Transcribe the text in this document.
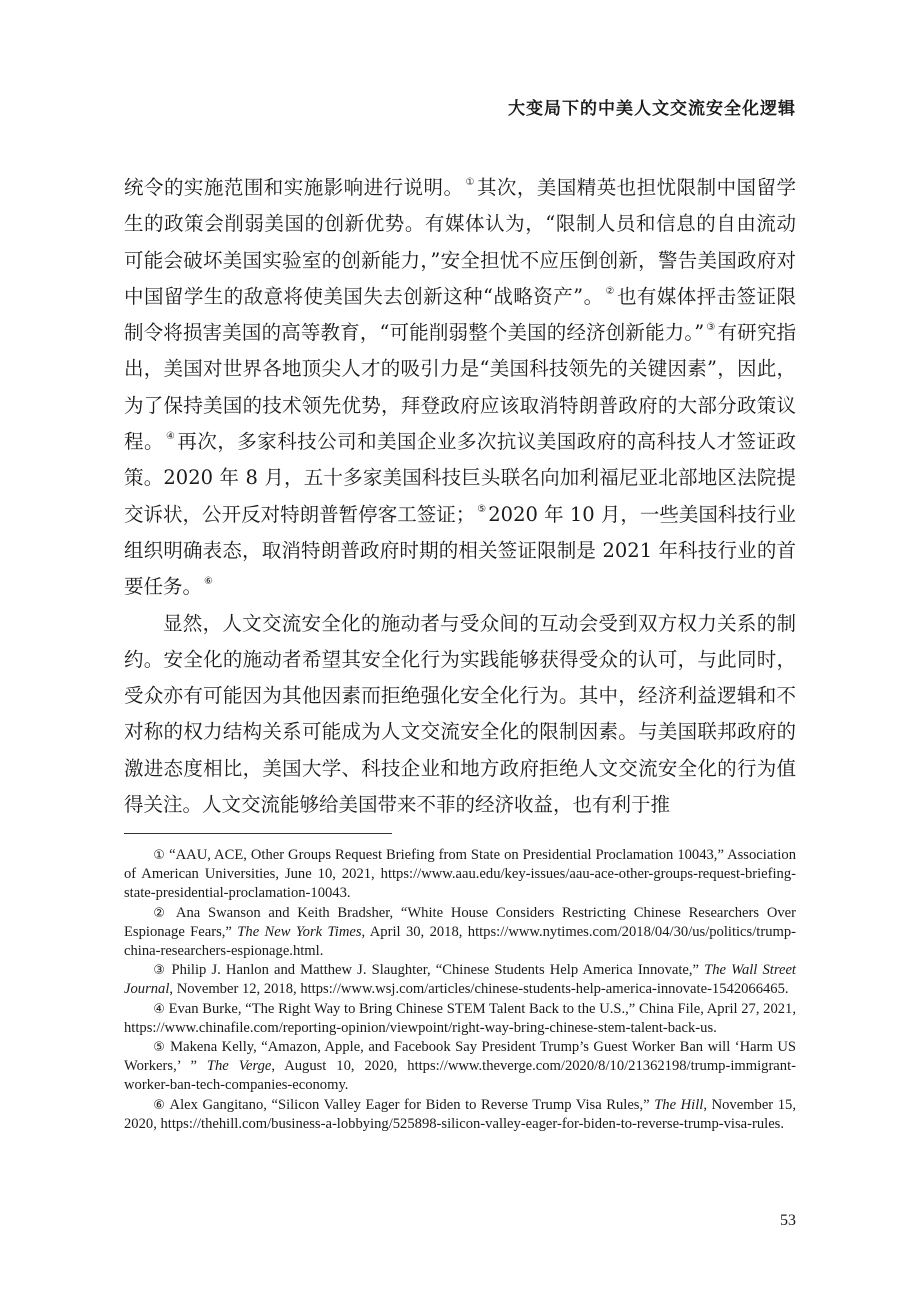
大变局下的中美人文交流安全化逻辑

统令的实施范围和实施影响进行说明。 ① 其次，美国精英也担忧限制中国留学生的政策会削弱美国的创新优势。有媒体认为，“限制人员和信息的自由流动可能会破坏美国实验室的创新能力，”安全担忧不应压倒创新，警告美国政府对中国留学生的敌意将使美国失去创新这种“战略资产”。 ② 也有媒体抨击签证限制令将损害美国的高等教育，“可能削弱整个美国的经济创新能力。” ③ 有研究指出，美国对世界各地顶尖人才的吸引力是“美国科技领先的关键因素”，因此，为了保持美国的技术领先优势，拜登政府应该取消特朗普政府的大部分政策议程。 ④ 再次，多家科技公司和美国企业多次抗议美国政府的高科技人才签证政策。2020 年 8 月，五十多家美国科技巨头联名向加利福尼亚北部地区法院提交诉状，公开反对特朗普暂停客工签证； ⑤ 2020 年 10 月，一些美国科技行业组织明确表态，取消特朗普政府时期的相关签证限制是 2021 年科技行业的首要任务。 ⑥

显然，人文交流安全化的施动者与受众间的互动会受到双方权力关系的制约。安全化的施动者希望其安全化行为实践能够获得受众的认可，与此同时，受众亦有可能因为其他因素而拒绝强化安全化行为。其中，经济利益逻辑和不对称的权力结构关系可能成为人文交流安全化的限制因素。与美国联邦政府的激进态度相比，美国大学、科技企业和地方政府拒绝人文交流安全化的行为值得关注。人文交流能够给美国带来不菲的经济收益，也有利于推

① “AAU, ACE, Other Groups Request Briefing from State on Presidential Proclamation 10043,” Association of American Universities, June 10, 2021, https://www.aau.edu/key-issues/aau-ace-other-groups-request-briefing-state-presidential-proclamation-10043.

② Ana Swanson and Keith Bradsher, “White House Considers Restricting Chinese Researchers Over Espionage Fears,” The New York Times, April 30, 2018, https://www.nytimes.com/2018/04/30/us/politics/trump-china-researchers-espionage.html.

③ Philip J. Hanlon and Matthew J. Slaughter, “Chinese Students Help America Innovate,” The Wall Street Journal, November 12, 2018, https://www.wsj.com/articles/chinese-students-help-america-innovate-1542066465.

④ Evan Burke, “The Right Way to Bring Chinese STEM Talent Back to the U.S.,” China File, April 27, 2021, https://www.chinafile.com/reporting-opinion/viewpoint/right-way-bring-chinese-stem-talent-back-us.

⑤ Makena Kelly, “Amazon, Apple, and Facebook Say President Trump’s Guest Worker Ban will ‘Harm US Workers,’ ” The Verge, August 10, 2020, https://www.theverge.com/2020/8/10/21362198/trump-immigrant-worker-ban-tech-companies-economy.

⑥ Alex Gangitano, “Silicon Valley Eager for Biden to Reverse Trump Visa Rules,” The Hill, November 15, 2020, https://thehill.com/business-a-lobbying/525898-silicon-valley-eager-for-biden-to-reverse-trump-visa-rules.

53
